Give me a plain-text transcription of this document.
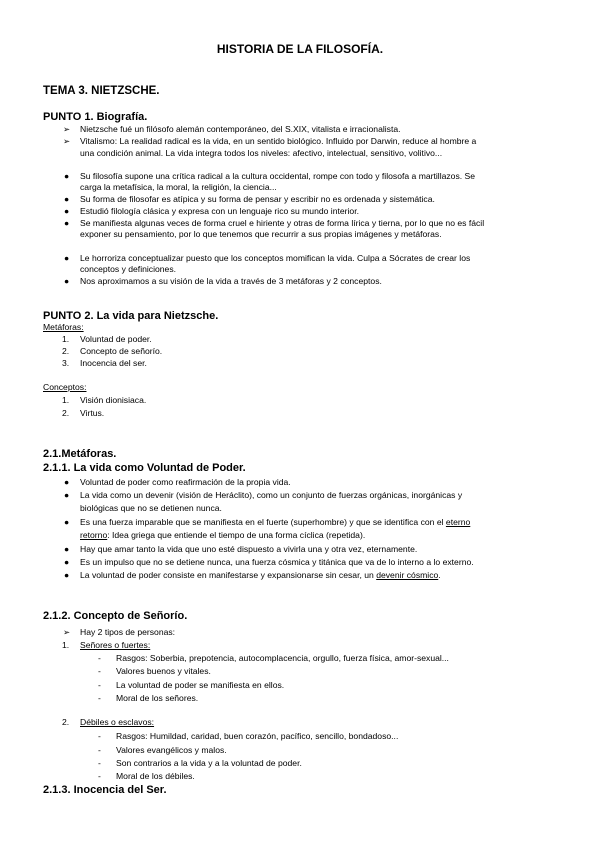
HISTORIA DE LA FILOSOFÍA.
TEMA 3. NIETZSCHE.
PUNTO 1. Biografía.
➢ Nietzsche fué un filósofo alemán contemporáneo, del S.XIX, vitalista e irracionalista.
➢ Vitalismo: La realidad radical es la vida, en un sentido biológico. Influido por Darwin, reduce al hombre a
una condición animal. La vida integra todos los niveles: afectivo, intelectual, sensitivo, volitivo...
● Su filosofía supone una crítica radical a la cultura occidental, rompe con todo y filosofa a martillazos. Se
carga la metafísica, la moral, la religión, la ciencia...
● Su forma de filosofar es atípica y su forma de pensar y escribir no es ordenada y sistemática.
● Estudió filología clásica y expresa con un lenguaje rico su mundo interior.
● Se manifiesta algunas veces de forma cruel e hiriente y otras de forma lírica y tierna, por lo que no es fácil
exponer su pensamiento, por lo que tenemos que recurrir a sus propias imágenes y metáforas.
● Le horroriza conceptualizar puesto que los conceptos momifican la vida. Culpa a Sócrates de crear los
conceptos y definiciones.
● Nos aproximamos a su visión de la vida a través de 3 metáforas y 2 conceptos.
PUNTO 2. La vida para Nietzsche.
Metáforas:
1. Voluntad de poder.
2. Concepto de señorío.
3. Inocencia del ser.
Conceptos:
1. Visión dionisiaca.
2. Virtus.
2.1.Metáforas.
2.1.1. La vida como Voluntad de Poder.
● Voluntad de poder como reafirmación de la propia vida.
● La vida como un devenir (visión de Heráclito), como un conjunto de fuerzas orgánicas, inorgánicas y
biológicas que no se detienen nunca.
● Es una fuerza imparable que se manifiesta en el fuerte (superhombre) y que se identifica con el eterno
retorno: Idea griega que entiende el tiempo de una forma cíclica (repetida).
● Hay que amar tanto la vida que uno esté dispuesto a vivirla una y otra vez, eternamente.
● Es un impulso que no se detiene nunca, una fuerza cósmica y titánica que va de lo interno a lo externo.
● La voluntad de poder consiste en manifestarse y expansionarse sin cesar, un devenir cósmico.
2.1.2. Concepto de Señorío.
➢ Hay 2 tipos de personas:
1. Señores o fuertes:
- Rasgos: Soberbia, prepotencia, autocomplacencia, orgullo, fuerza física, amor-sexual...
- Valores buenos y vitales.
- La voluntad de poder se manifiesta en ellos.
- Moral de los señores.
2. Débiles o esclavos:
- Rasgos: Humildad, caridad, buen corazón, pacífico, sencillo, bondadoso...
- Valores evangélicos y malos.
- Son contrarios a la vida y a la voluntad de poder.
- Moral de los débiles.
2.1.3. Inocencia del Ser.
